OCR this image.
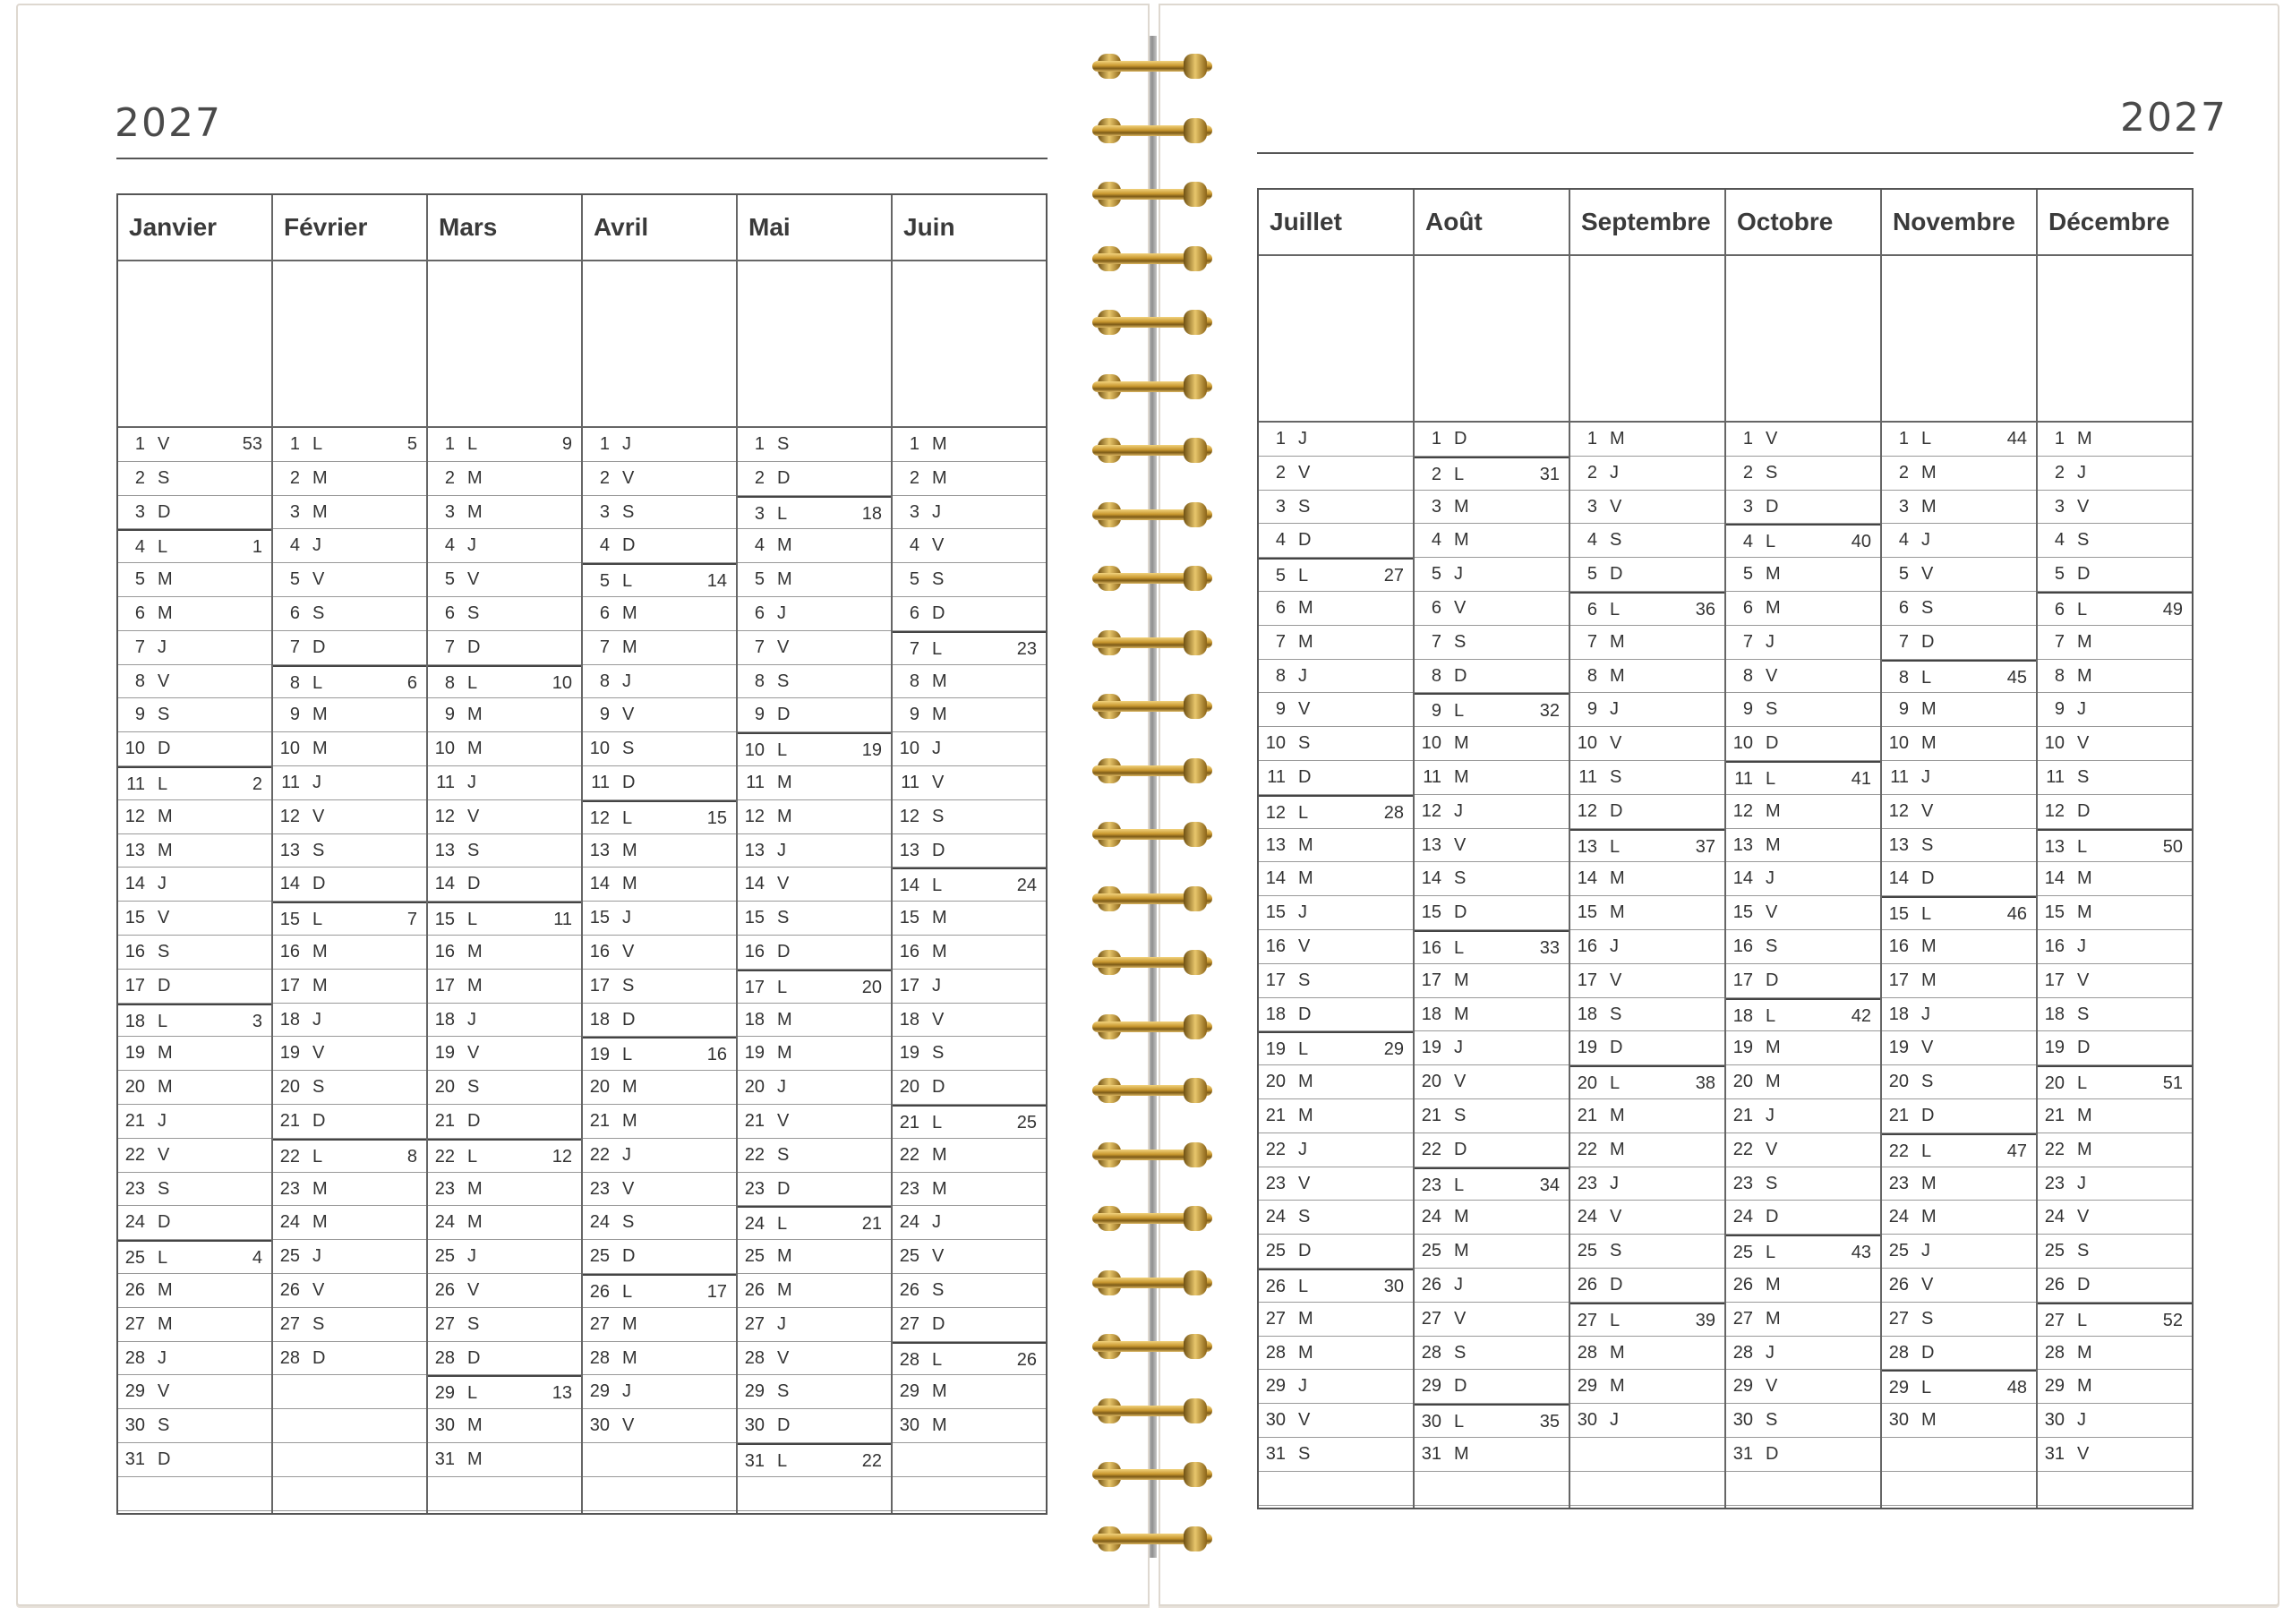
2027
Janvier
1 V	53
2 S
3 D
4 L	1
5 M
6 M
7 J
8 V
9 S
10 D
11 L	2
12 M
13 M
14 J
15 V
16 S
17 D
18 L	3
19 M
20 M
21 J
22 V
23 S
24 D
25 L	4
26 M
27 M
28 J
29 V
30 S
31 D
Février
1 L	5
2 M
3 M
4 J
5 V
6 S
7 D
8 L	6
9 M
10 M
11 J
12 V
13 S
14 D
15 L	7
16 M
17 M
18 J
19 V
20 S
21 D
22 L	8
23 M
24 M
25 J
26 V
27 S
28 D
Mars
1 L	9
2 M
3 M
4 J
5 V
6 S
7 D
8 L	10
9 M
10 M
11 J
12 V
13 S
14 D
15 L	11
16 M
17 M
18 J
19 V
20 S
21 D
22 L	12
23 M
24 M
25 J
26 V
27 S
28 D
29 L	13
30 M
31 M
Avril
1 J
2 V
3 S
4 D
5 L	14
6 M
7 M
8 J
9 V
10 S
11 D
12 L	15
13 M
14 M
15 J
16 V
17 S
18 D
19 L	16
20 M
21 M
22 J
23 V
24 S
25 D
26 L	17
27 M
28 M
29 J
30 V
Mai
1 S
2 D
3 L	18
4 M
5 M
6 J
7 V
8 S
9 D
10 L	19
11 M
12 M
13 J
14 V
15 S
16 D
17 L	20
18 M
19 M
20 J
21 V
22 S
23 D
24 L	21
25 M
26 M
27 J
28 V
29 S
30 D
31 L	22
Juin
1 M
2 M
3 J
4 V
5 S
6 D
7 L	23
8 M
9 M
10 J
11 V
12 S
13 D
14 L	24
15 M
16 M
17 J
18 V
19 S
20 D
21 L	25
22 M
23 M
24 J
25 V
26 S
27 D
28 L	26
29 M
30 M
2027
Juillet
1 J
2 V
3 S
4 D
5 L	27
6 M
7 M
8 J
9 V
10 S
11 D
12 L	28
13 M
14 M
15 J
16 V
17 S
18 D
19 L	29
20 M
21 M
22 J
23 V
24 S
25 D
26 L	30
27 M
28 M
29 J
30 V
31 S
Août
1 D
2 L	31
3 M
4 M
5 J
6 V
7 S
8 D
9 L	32
10 M
11 M
12 J
13 V
14 S
15 D
16 L	33
17 M
18 M
19 J
20 V
21 S
22 D
23 L	34
24 M
25 M
26 J
27 V
28 S
29 D
30 L	35
31 M
Septembre
1 M
2 J
3 V
4 S
5 D
6 L	36
7 M
8 M
9 J
10 V
11 S
12 D
13 L	37
14 M
15 M
16 J
17 V
18 S
19 D
20 L	38
21 M
22 M
23 J
24 V
25 S
26 D
27 L	39
28 M
29 M
30 J
Octobre
1 V
2 S
3 D
4 L	40
5 M
6 M
7 J
8 V
9 S
10 D
11 L	41
12 M
13 M
14 J
15 V
16 S
17 D
18 L	42
19 M
20 M
21 J
22 V
23 S
24 D
25 L	43
26 M
27 M
28 J
29 V
30 S
31 D
Novembre
1 L	44
2 M
3 M
4 J
5 V
6 S
7 D
8 L	45
9 M
10 M
11 J
12 V
13 S
14 D
15 L	46
16 M
17 M
18 J
19 V
20 S
21 D
22 L	47
23 M
24 M
25 J
26 V
27 S
28 D
29 L	48
30 M
Décembre
1 M
2 J
3 V
4 S
5 D
6 L	49
7 M
8 M
9 J
10 V
11 S
12 D
13 L	50
14 M
15 M
16 J
17 V
18 S
19 D
20 L	51
21 M
22 M
23 J
24 V
25 S
26 D
27 L	52
28 M
29 M
30 J
31 V
